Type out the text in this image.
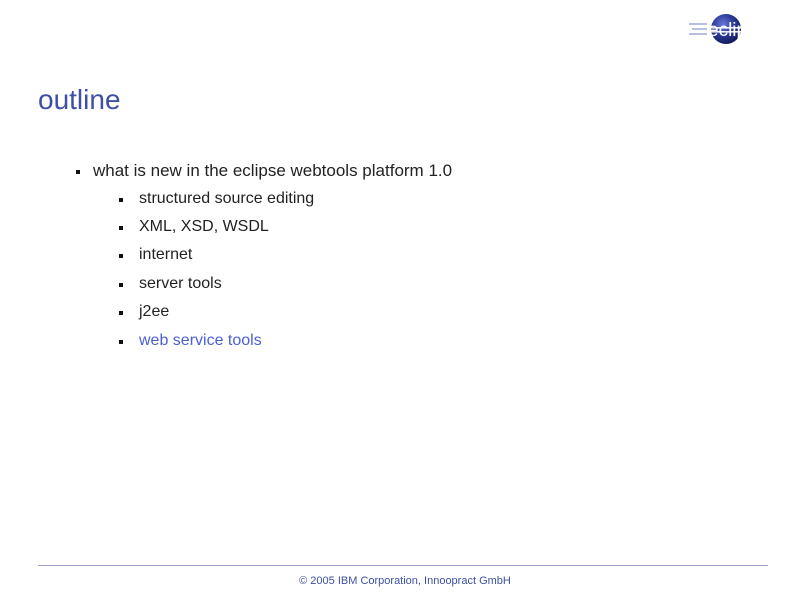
eclipse
outline
what is new in the eclipse webtools platform 1.0
structured source editing
XML, XSD, WSDL
internet
server tools
j2ee
web service tools
© 2005 IBM Corporation, Innoopract GmbH
